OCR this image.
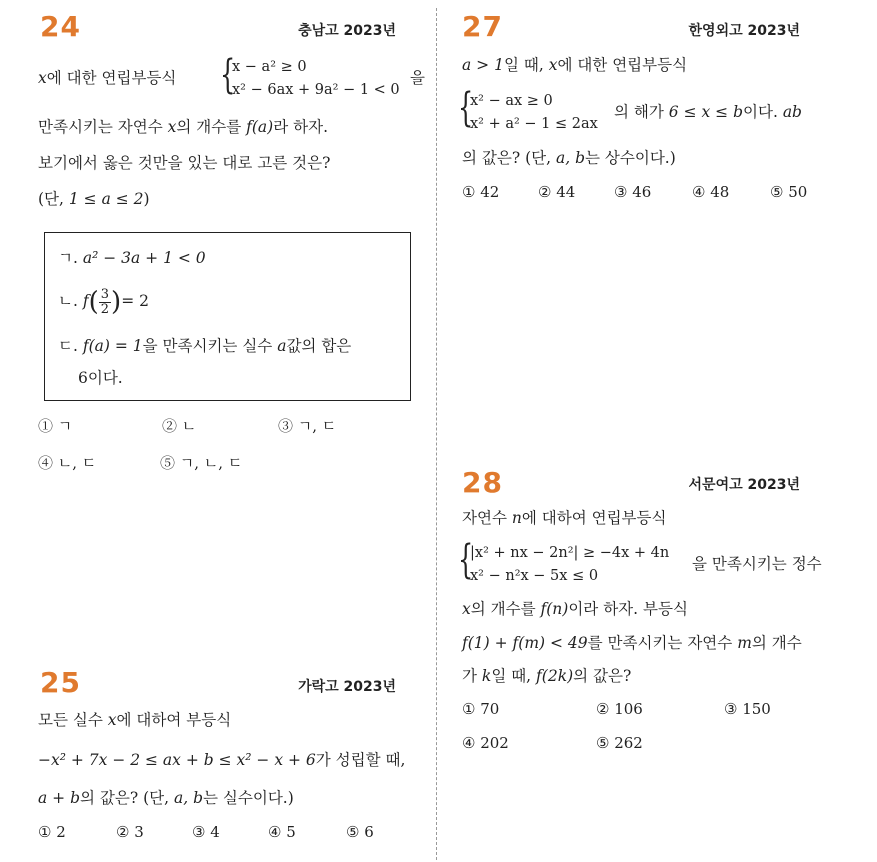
24	충남고 2023년
x에 대한 연립부등식 {
x − a² ≥ 0
x² − 6ax + 9a² − 1 < 0
을
만족시키는 자연수 x의 개수를 f(a)라 하자.
보기에서 옳은 것만을 있는 대로 고른 것은?
(단, 1 ≤ a ≤ 2)
ㄱ. a² − 3a + 1 < 0
ㄴ. $f( \frac{3}{2}$ )= 2
ㄷ. f(a) = 1을 만족시키는 실수 a값의 합은
6이다.
① ㄱ	② ㄴ	③ ㄱ, ㄷ
④ ㄴ, ㄷ	⑤ ㄱ, ㄴ, ㄷ
25	가락고 2023년
모든 실수 x에 대하여 부등식
−x² + 7x − 2 ≤ ax + b ≤ x² − x + 6가 성립할 때,
a + b의 값은? (단, a, b는 실수이다.)
① 2	② 3	③ 4	④ 5	⑤ 6
27	한영외고 2023년
a > 1일 때, x에 대한 연립부등식
{
x² − ax ≥ 0
x² + a² − 1 ≤ 2ax
의 해가 6 ≤ x ≤ b이다. ab
의 값은? (단, a, b는 상수이다.)
① 42	② 44	③ 46	④ 48	⑤ 50
28	서문여고 2023년
자연수 n에 대하여 연립부등식
{
|x² + nx − 2n²| ≥ −4x + 4n
x² − n²x − 5x ≤ 0
을 만족시키는 정수
x의 개수를 f(n)이라 하자. 부등식
f(1) + f(m) < 49를 만족시키는 자연수 m의 개수
가 k일 때, f(2k)의 값은?
① 70	② 106	③ 150
④ 202	⑤ 262
